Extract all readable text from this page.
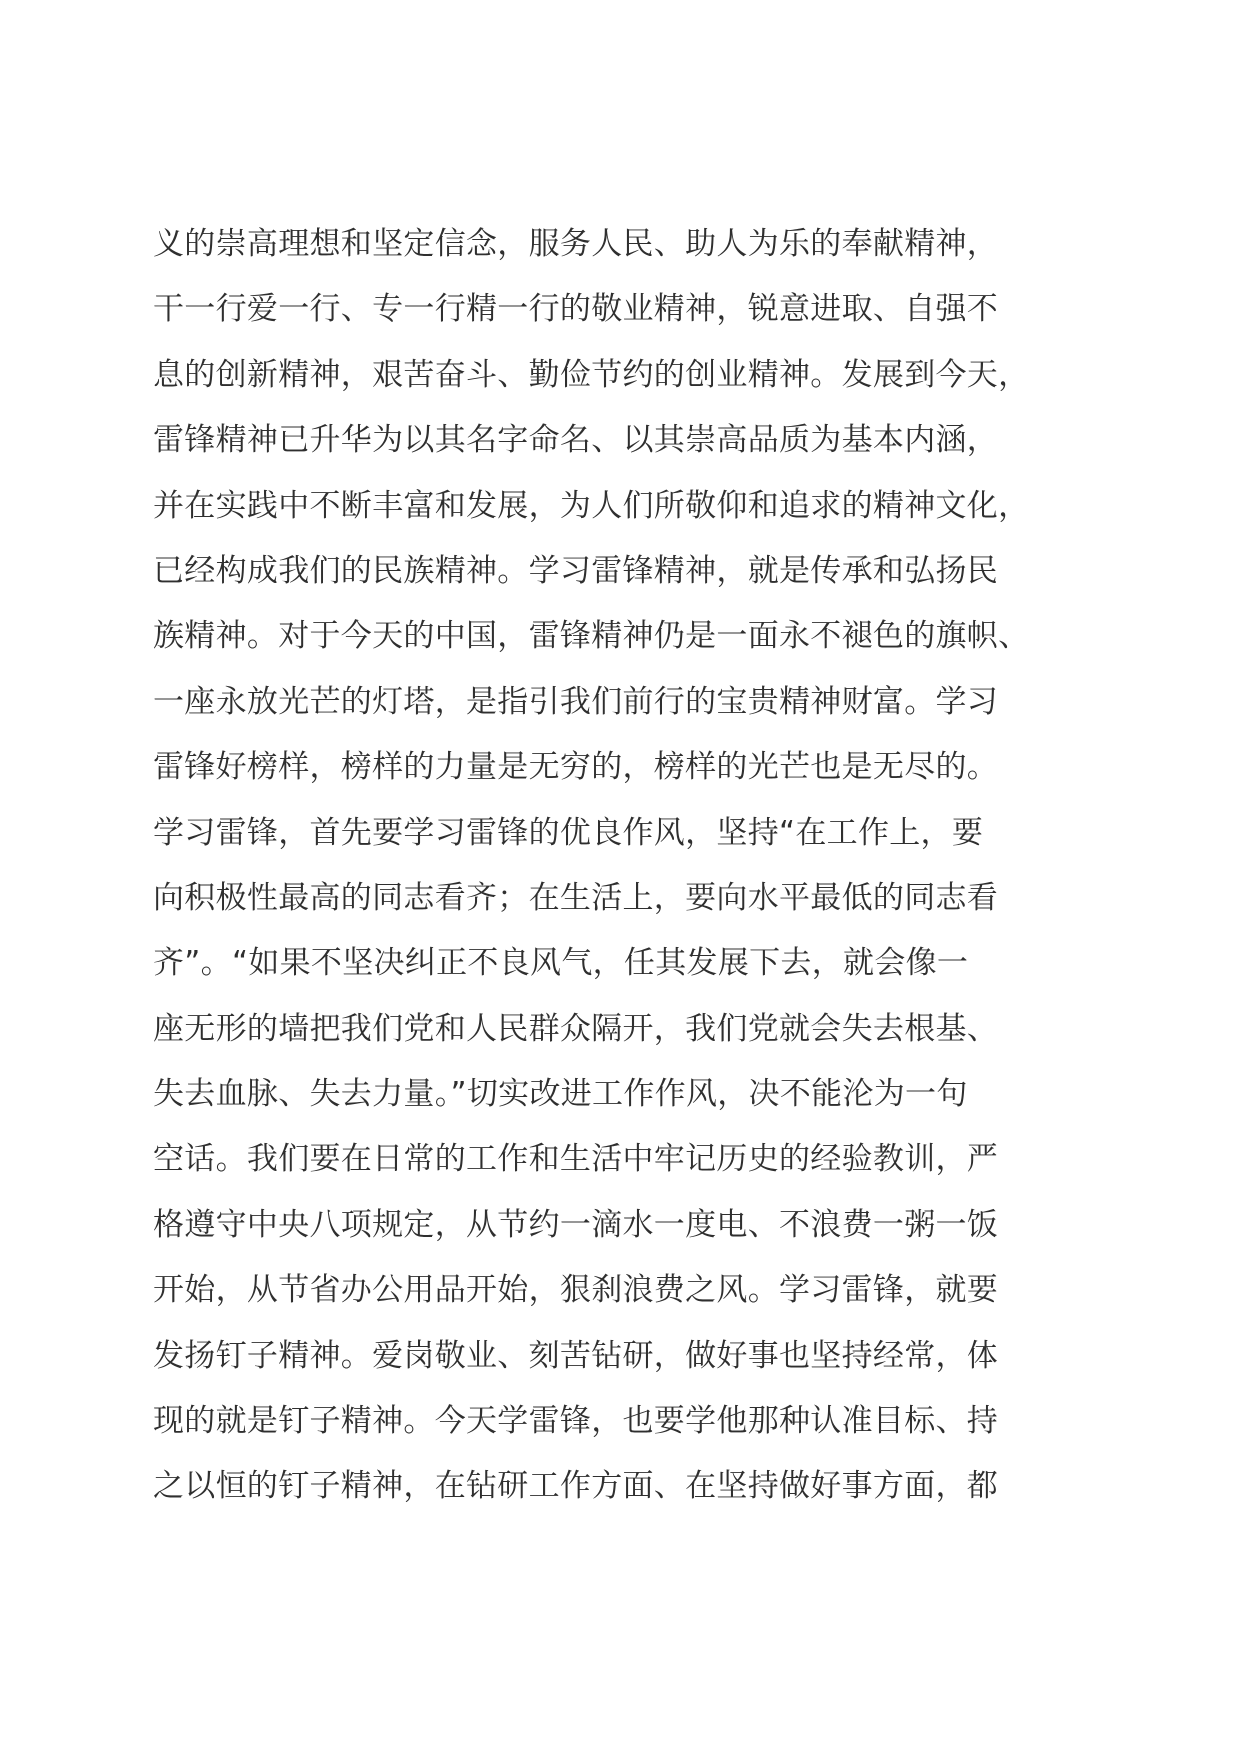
义的崇高理想和坚定信念，服务人民、助人为乐的奉献精神，
干一行爱一行、专一行精一行的敬业精神，锐意进取、自强不
息的创新精神，艰苦奋斗、勤俭节约的创业精神。发展到今天，
雷锋精神已升华为以其名字命名、以其崇高品质为基本内涵，
并在实践中不断丰富和发展，为人们所敬仰和追求的精神文化，
已经构成我们的民族精神。学习雷锋精神，就是传承和弘扬民
族精神。对于今天的中国，雷锋精神仍是一面永不褪色的旗帜、
一座永放光芒的灯塔，是指引我们前行的宝贵精神财富。学习
雷锋好榜样，榜样的力量是无穷的，榜样的光芒也是无尽的。
学习雷锋，首先要学习雷锋的优良作风，坚持“在工作上，要
向积极性最高的同志看齐；在生活上，要向水平最低的同志看
齐”。“如果不坚决纠正不良风气，任其发展下去，就会像一
座无形的墙把我们党和人民群众隔开，我们党就会失去根基、
失去血脉、失去力量。”切实改进工作作风，决不能沦为一句
空话。我们要在日常的工作和生活中牢记历史的经验教训，严
格遵守中央八项规定，从节约一滴水一度电、不浪费一粥一饭
开始，从节省办公用品开始，狠刹浪费之风。学习雷锋，就要
发扬钉子精神。爱岗敬业、刻苦钻研，做好事也坚持经常，体
现的就是钉子精神。今天学雷锋，也要学他那种认准目标、持
之以恒的钉子精神，在钻研工作方面、在坚持做好事方面，都
